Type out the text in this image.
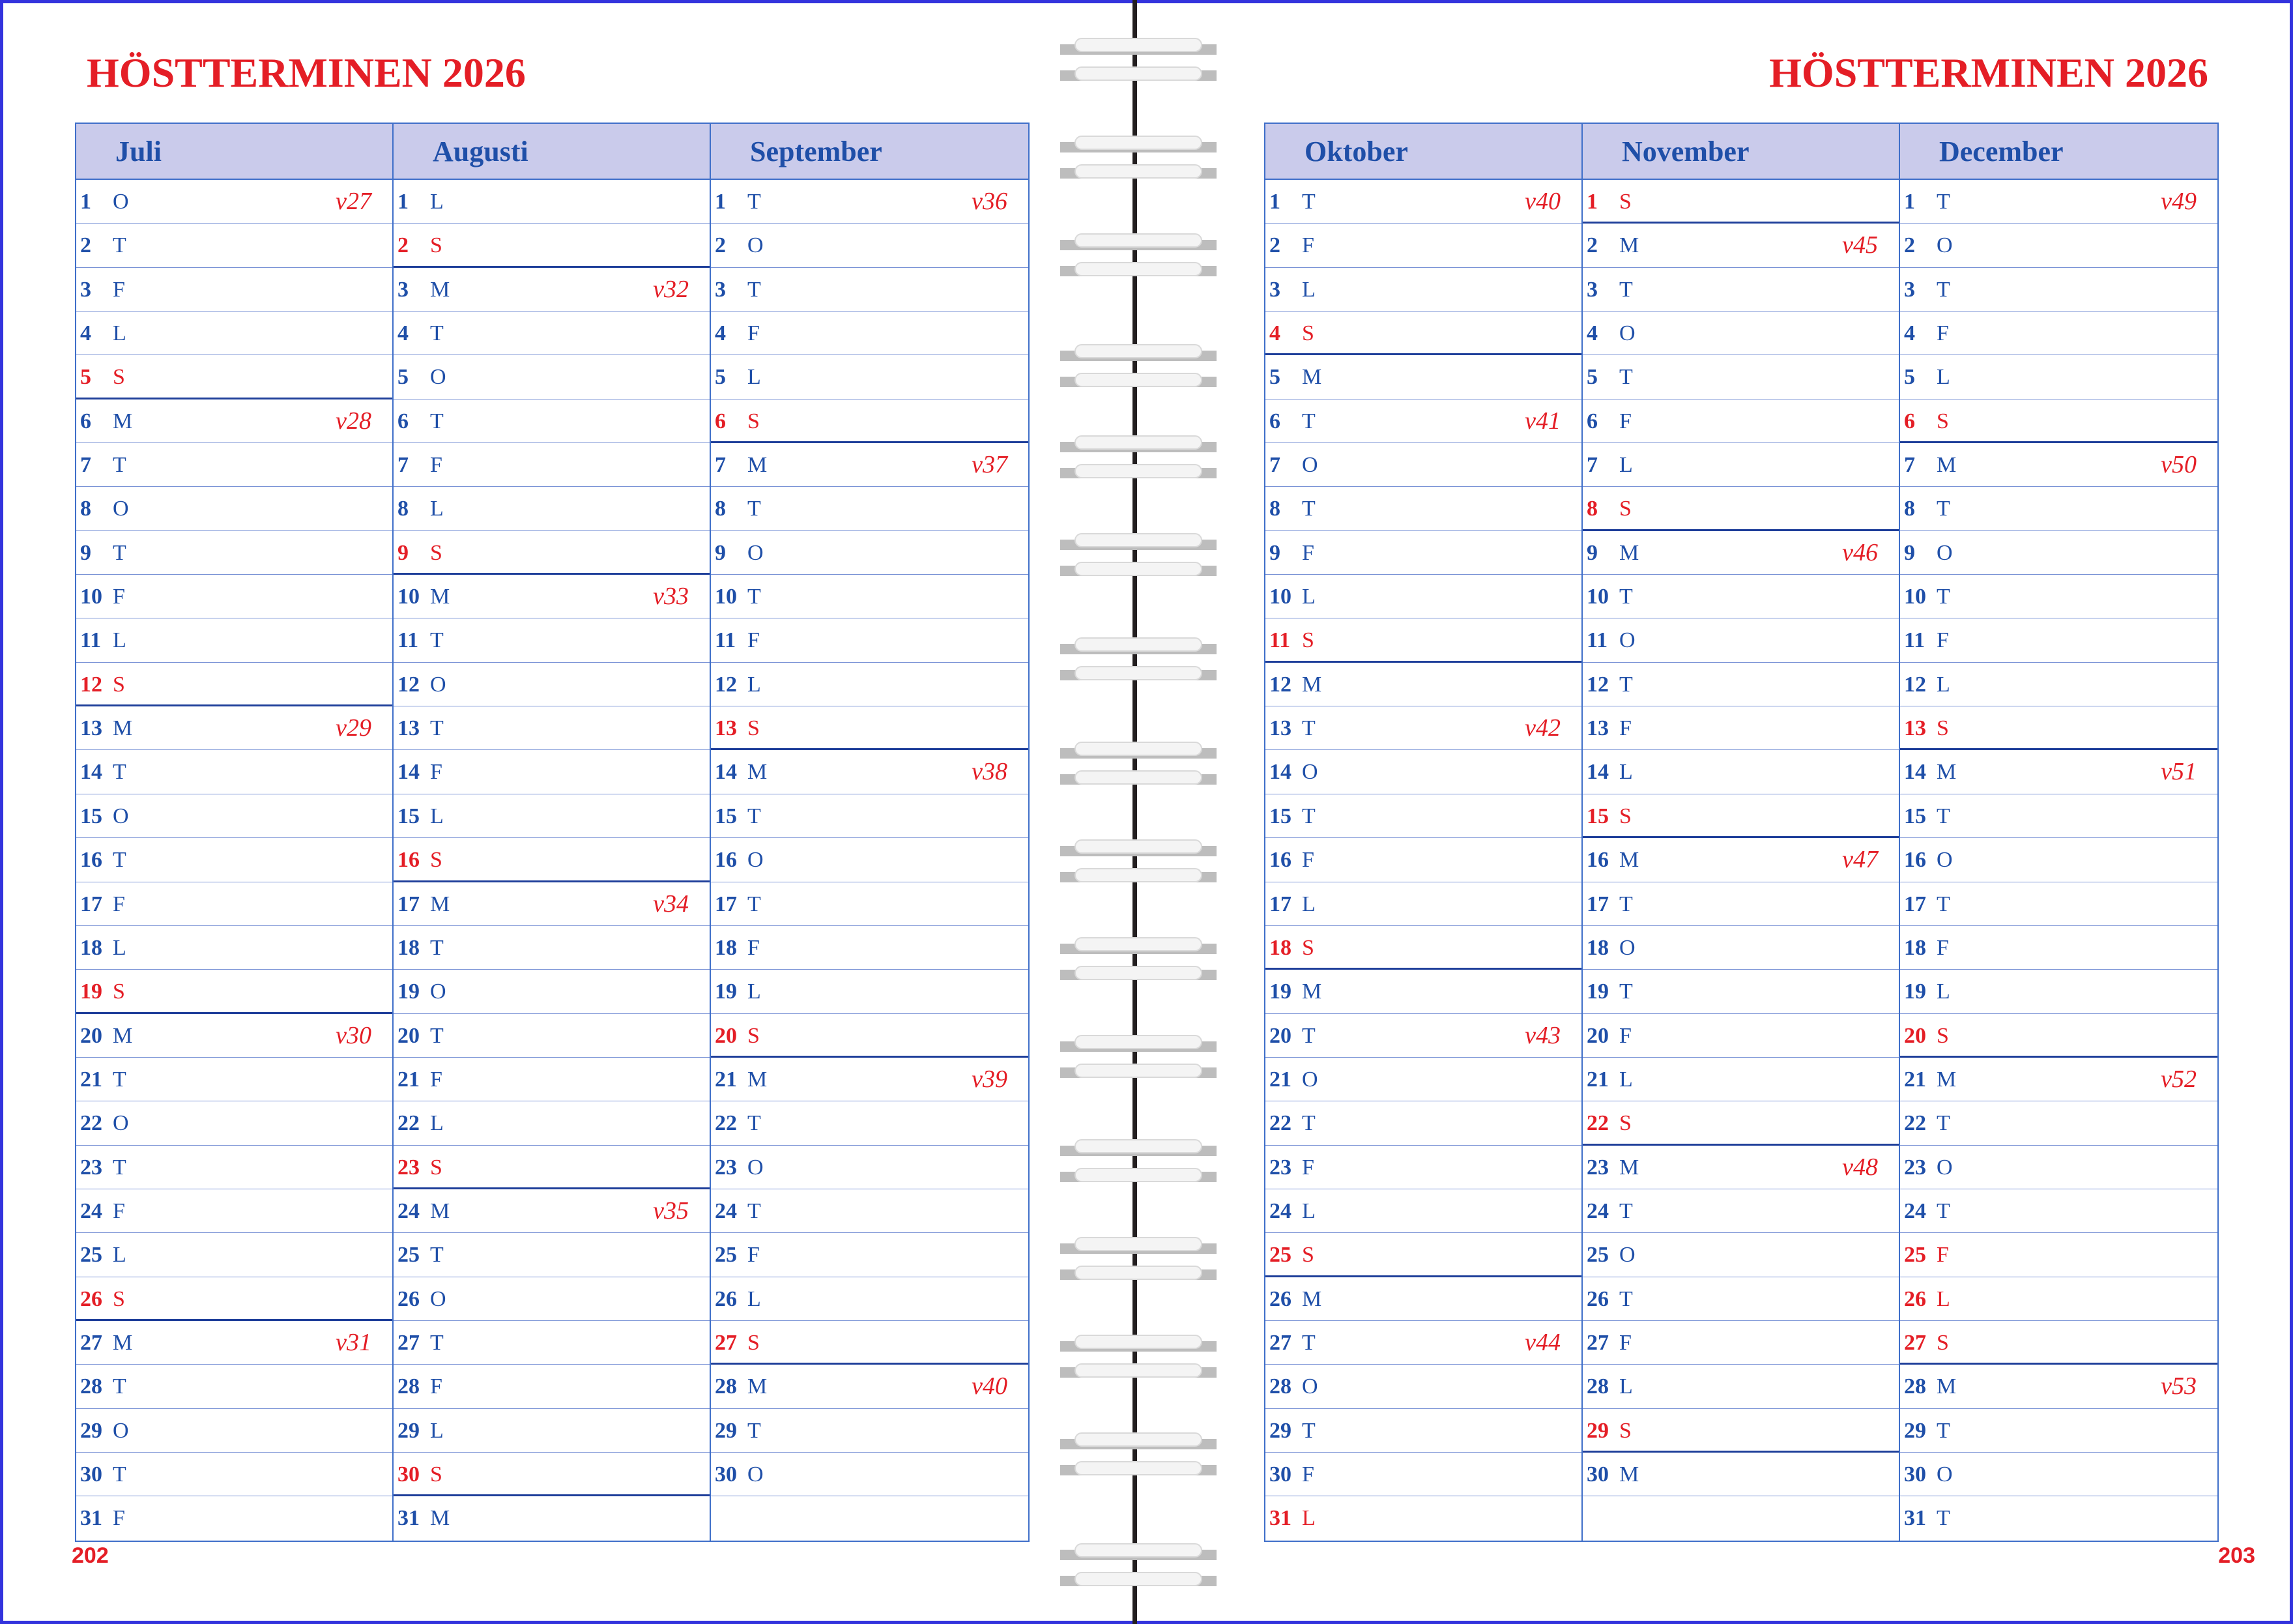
HÖSTTERMINEN 2026
Juli
1 O	v27
2 T
3 F
4 L
5 S
6 M	v28
7 T
8 O
9 T
10 F
11 L
12 S
13 M	v29
14 T
15 O
16 T
17 F
18 L
19 S
20 M	v30
21 T
22 O
23 T
24 F
25 L
26 S
27 M	v31
28 T
29 O
30 T
31 F
Augusti
1 L
2 S
3 M	v32
4 T
5 O
6 T
7 F
8 L
9 S
10 M	v33
11 T
12 O
13 T
14 F
15 L
16 S
17 M	v34
18 T
19 O
20 T
21 F
22 L
23 S
24 M	v35
25 T
26 O
27 T
28 F
29 L
30 S
31 M
September
1 T	v36
2 O
3 T
4 F
5 L
6 S
7 M	v37
8 T
9 O
10 T
11 F
12 L
13 S
14 M	v38
15 T
16 O
17 T
18 F
19 L
20 S
21 M	v39
22 T
23 O
24 T
25 F
26 L
27 S
28 M	v40
29 T
30 O
202
HÖSTTERMINEN 2026
Oktober
1 T	v40
2 F
3 L
4 S
5 M
6 T	v41
7 O
8 T
9 F
10 L
11 S
12 M
13 T	v42
14 O
15 T
16 F
17 L
18 S
19 M
20 T	v43
21 O
22 T
23 F
24 L
25 S
26 M
27 T	v44
28 O
29 T
30 F
31 L
November
1 S
2 M	v45
3 T
4 O
5 T
6 F
7 L
8 S
9 M	v46
10 T
11 O
12 T
13 F
14 L
15 S
16 M	v47
17 T
18 O
19 T
20 F
21 L
22 S
23 M	v48
24 T
25 O
26 T
27 F
28 L
29 S
30 M
December
1 T	v49
2 O
3 T
4 F
5 L
6 S
7 M	v50
8 T
9 O
10 T
11 F
12 L
13 S
14 M	v51
15 T
16 O
17 T
18 F
19 L
20 S
21 M	v52
22 T
23 O
24 T
25 F
26 L
27 S
28 M	v53
29 T
30 O
31 T
203
